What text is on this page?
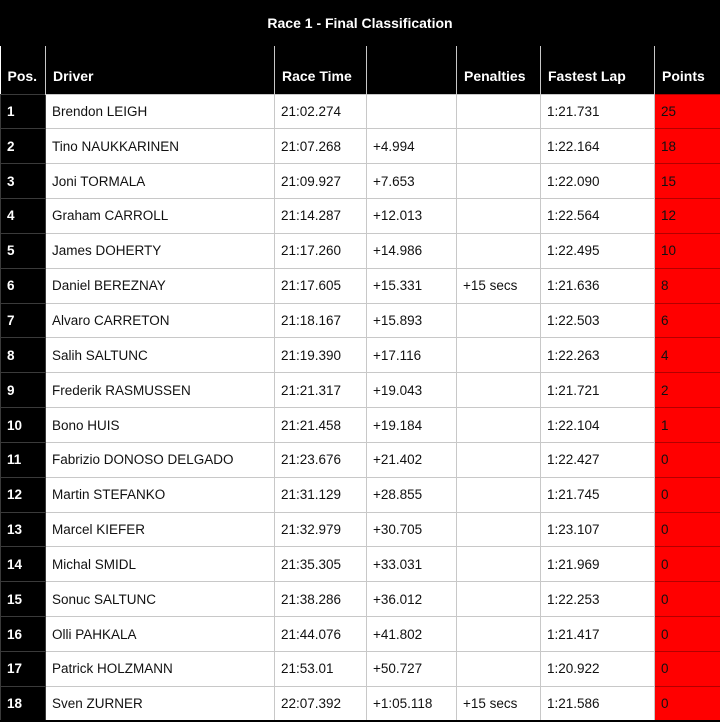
Race 1 - Final Classification
Pos.	Driver	Race Time		Penalties	Fastest Lap	Points
1	Brendon LEIGH	21:02.274			1:21.731	25
2	Tino NAUKKARINEN	21:07.268	+4.994		1:22.164	18
3	Joni TORMALA	21:09.927	+7.653		1:22.090	15
4	Graham CARROLL	21:14.287	+12.013		1:22.564	12
5	James DOHERTY	21:17.260	+14.986		1:22.495	10
6	Daniel BEREZNAY	21:17.605	+15.331	+15 secs	1:21.636	8
7	Alvaro CARRETON	21:18.167	+15.893		1:22.503	6
8	Salih SALTUNC	21:19.390	+17.116		1:22.263	4
9	Frederik RASMUSSEN	21:21.317	+19.043		1:21.721	2
10	Bono HUIS	21:21.458	+19.184		1:22.104	1
11	Fabrizio DONOSO DELGADO	21:23.676	+21.402		1:22.427	0
12	Martin STEFANKO	21:31.129	+28.855		1:21.745	0
13	Marcel KIEFER	21:32.979	+30.705		1:23.107	0
14	Michal SMIDL	21:35.305	+33.031		1:21.969	0
15	Sonuc SALTUNC	21:38.286	+36.012		1:22.253	0
16	Olli PAHKALA	21:44.076	+41.802		1:21.417	0
17	Patrick HOLZMANN	21:53.01	+50.727		1:20.922	0
18	Sven ZURNER	22:07.392	+1:05.118	+15 secs	1:21.586	0
